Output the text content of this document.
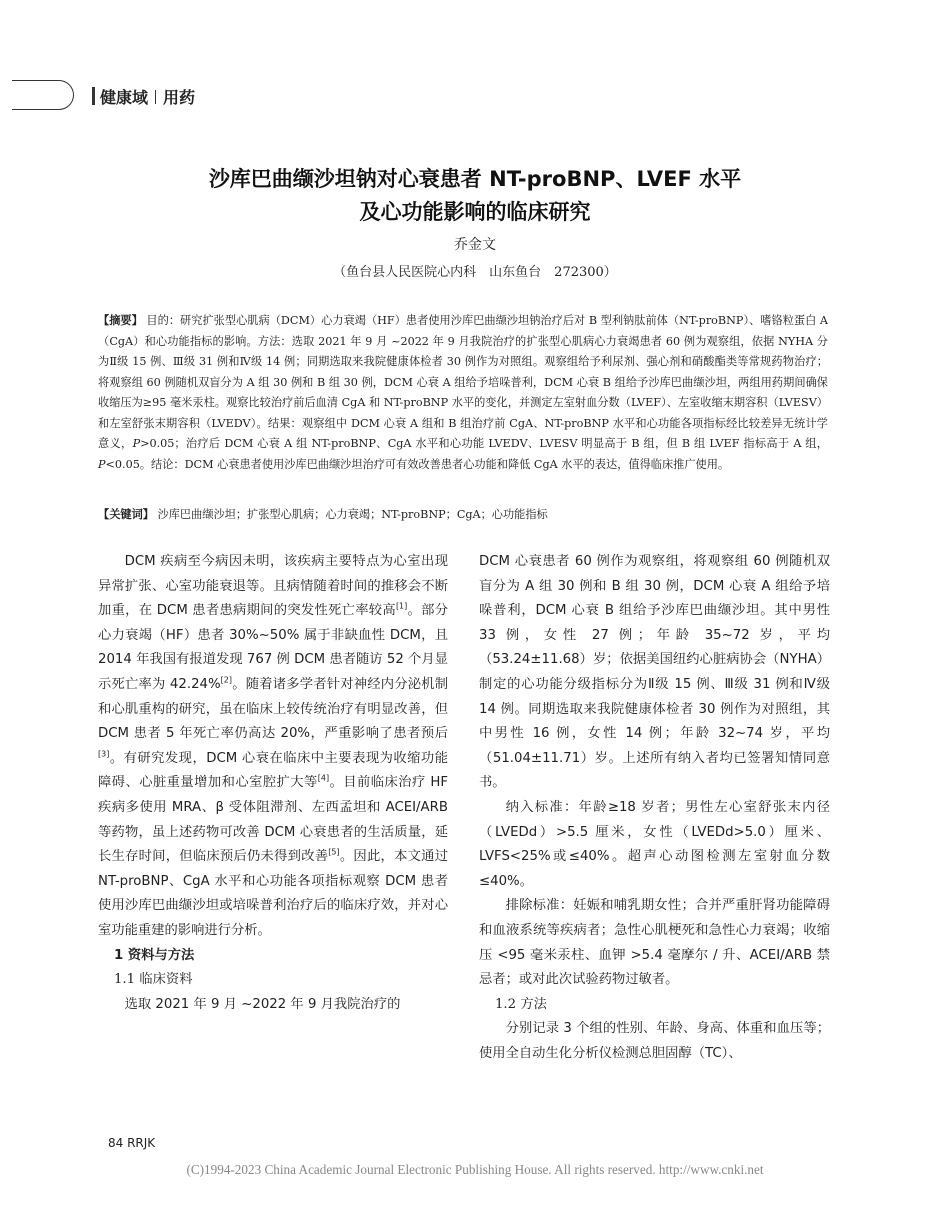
健康域 用药
沙库巴曲缬沙坦钠对心衰患者 NT-proBNP、LVEF 水平
及心功能影响的临床研究
乔金文
（鱼台县人民医院心内科　山东鱼台　272300）
【摘要】 目的：研究扩张型心肌病（DCM）心力衰竭（HF）患者使用沙库巴曲缬沙坦钠治疗后对 B 型利钠肽前体（NT-proBNP）、嗜铬粒蛋白 A（CgA）和心功能指标的影响。方法：选取 2021 年 9 月 ~2022 年 9 月我院治疗的扩张型心肌病心力衰竭患者 60 例为观察组，依据 NYHA 分为Ⅱ级 15 例、Ⅲ级 31 例和Ⅳ级 14 例；同期选取来我院健康体检者 30 例作为对照组。观察组给予利尿剂、强心剂和硝酸酯类等常规药物治疗；将观察组 60 例随机双盲分为 A 组 30 例和 B 组 30 例，DCM 心衰 A 组给予培哚普利，DCM 心衰 B 组给予沙库巴曲缬沙坦，两组用药期间确保收缩压为≥95 毫米汞柱。观察比较治疗前后血清 CgA 和 NT-proBNP 水平的变化，并测定左室射血分数（LVEF）、左室收缩末期容积（LVESV）和左室舒张末期容积（LVEDV）。结果：观察组中 DCM 心衰 A 组和 B 组治疗前 CgA、NT-proBNP 水平和心功能各项指标经比较差异无统计学意义，P>0.05；治疗后 DCM 心衰 A 组 NT-proBNP、CgA 水平和心功能 LVEDV、LVESV 明显高于 B 组，但 B 组 LVEF 指标高于 A 组，P<0.05。结论：DCM 心衰患者使用沙库巴曲缬沙坦治疗可有效改善患者心功能和降低 CgA 水平的表达，值得临床推广使用。
【关键词】 沙库巴曲缬沙坦；扩张型心肌病；心力衰竭；NT-proBNP；CgA；心功能指标

DCM 疾病至今病因未明，该疾病主要特点为心室出现异常扩张、心室功能衰退等。且病情随着时间的推移会不断加重，在 DCM 患者患病期间的突发性死亡率较高[1]。部分心力衰竭（HF）患者 30%~50% 属于非缺血性 DCM，且 2014 年我国有报道发现 767 例 DCM 患者随访 52 个月显示死亡率为 42.24%[2]。随着诸多学者针对神经内分泌机制和心肌重构的研究，虽在临床上较传统治疗有明显改善，但 DCM 患者 5 年死亡率仍高达 20%，严重影响了患者预后[3]。有研究发现，DCM 心衰在临床中主要表现为收缩功能障碍、心脏重量增加和心室腔扩大等[4]。目前临床治疗 HF 疾病多使用 MRA、β 受体阻滞剂、左西孟坦和 ACEI/ARB 等药物，虽上述药物可改善 DCM 心衰患者的生活质量，延长生存时间，但临床预后仍未得到改善[5]。因此，本文通过 NT-proBNP、CgA 水平和心功能各项指标观察 DCM 患者使用沙库巴曲缬沙坦或培哚普利治疗后的临床疗效，并对心室功能重建的影响进行分析。

1 资料与方法

1.1 临床资料

选取 2021 年 9 月 ~2022 年 9 月我院治疗的

DCM 心衰患者 60 例作为观察组，将观察组 60 例随机双盲分为 A 组 30 例和 B 组 30 例，DCM 心衰 A 组给予培哚普利，DCM 心衰 B 组给予沙库巴曲缬沙坦。其中男性 33 例，女性 27 例；年龄 35~72 岁，平均（53.24±11.68）岁；依据美国纽约心脏病协会（NYHA）制定的心功能分级指标分为Ⅱ级 15 例、Ⅲ级 31 例和Ⅳ级 14 例。同期选取来我院健康体检者 30 例作为对照组，其中男性 16 例，女性 14 例；年龄 32~74 岁，平均（51.04±11.71）岁。上述所有纳入者均已签署知情同意书。

纳入标准：年龄≥18 岁者；男性左心室舒张末内径（LVEDd）>5.5 厘米，女性（LVEDd>5.0）厘米、LVFS<25%或≤40%。超声心动图检测左室射血分数≤40%。

排除标准：妊娠和哺乳期女性；合并严重肝肾功能障碍和血液系统等疾病者；急性心肌梗死和急性心力衰竭；收缩压 <95 毫米汞柱、血钾 >5.4 毫摩尔 / 升、ACEI/ARB 禁忌者；或对此次试验药物过敏者。

1.2 方法

分别记录 3 个组的性别、年龄、身高、体重和血压等；使用全自动生化分析仪检测总胆固醇（TC）、

84 RRJK
(C)1994-2023 China Academic Journal Electronic Publishing House. All rights reserved. http://www.cnki.net
